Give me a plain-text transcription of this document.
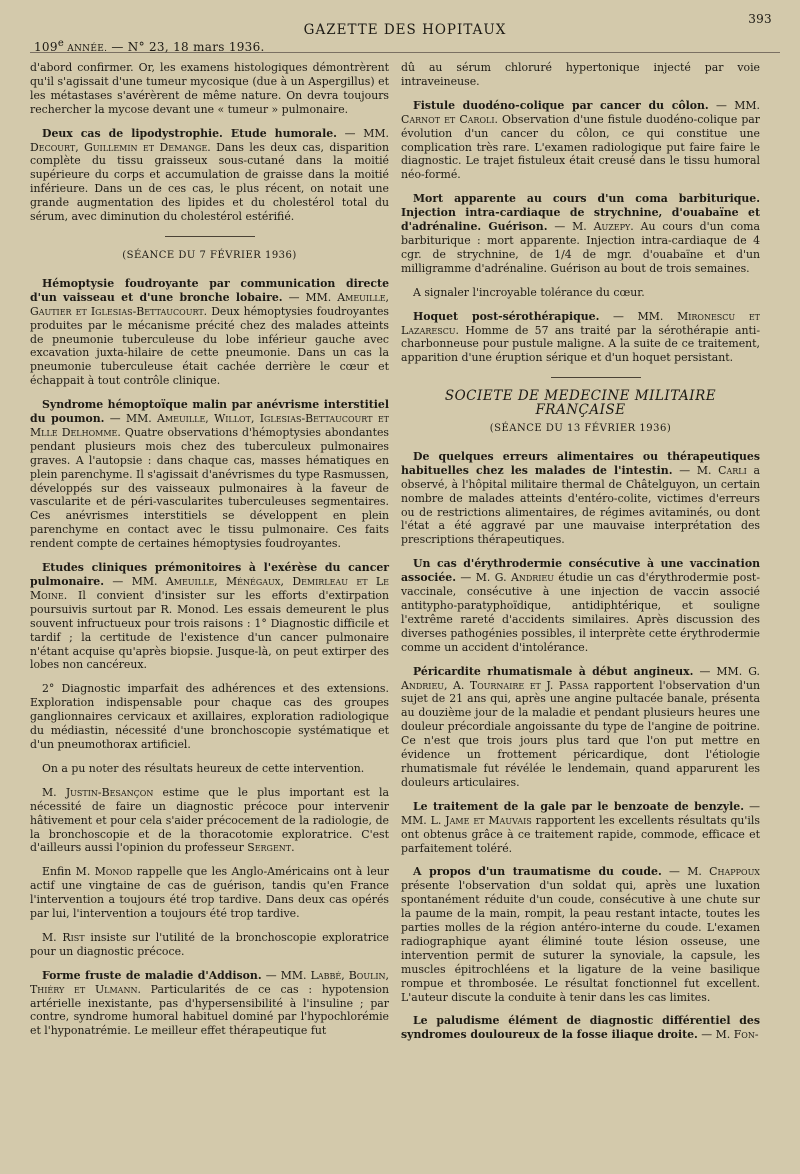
109e ANNÉE. — N° 23, 18 mars 1936.
GAZETTE DES HOPITAUX
393

d'abord confirmer. Or, les examens histologiques démontrèrent qu'il s'agissait d'une tumeur mycosique (due à un Aspergillus) et les métastases s'avérèrent de même nature. On devra toujours rechercher la mycose devant une « tumeur » pulmonaire.

Deux cas de lipodystrophie. Etude humorale. — MM. Decourt, Guillemin et Demange. Dans les deux cas, disparition complète du tissu graisseux sous-cutané dans la moitié supérieure du corps et accumulation de graisse dans la moitié inférieure. Dans un de ces cas, le plus récent, on notait une grande augmentation des lipides et du cholestérol total du sérum, avec diminution du cholestérol estérifié.

(SÉANCE DU 7 FÉVRIER 1936)

Hémoptysie foudroyante par communication directe d'un vaisseau et d'une bronche lobaire. — MM. Ameuille, Gautier et Iglesias-Bettaucourt. Deux hémoptysies foudroyantes produites par le mécanisme précité chez des malades atteints de pneumonie tuberculeuse du lobe inférieur gauche avec excavation juxta-hilaire de cette pneumonie. Dans un cas la pneumonie tuberculeuse était cachée derrière le cœur et échappait à tout contrôle clinique.

Syndrome hémoptoïque malin par anévrisme interstitiel du poumon. — MM. Ameuille, Willot, Iglesias-Bettaucourt et Mlle Delhomme. Quatre observations d'hémoptysies abondantes pendant plusieurs mois chez des tuberculeux pulmonaires graves. A l'autopsie : dans chaque cas, masses hématiques en plein parenchyme. Il s'agissait d'anévrismes du type Rasmussen, développés sur des vaisseaux pulmonaires à la faveur de vascularite et de péri-vascularites tuberculeuses segmentaires. Ces anévrismes interstitiels se développent en plein parenchyme en contact avec le tissu pulmonaire. Ces faits rendent compte de certaines hémoptysies foudroyantes.

Etudes cliniques prémonitoires à l'exérèse du cancer pulmonaire. — MM. Ameuille, Ménégaux, Demirleau et Le Moine. Il convient d'insister sur les efforts d'extirpation poursuivis surtout par R. Monod. Les essais demeurent le plus souvent infructueux pour trois raisons : 1° Diagnostic difficile et tardif ; la certitude de l'existence d'un cancer pulmonaire n'étant acquise qu'après biopsie. Jusque-là, on peut extirper des lobes non cancéreux.

2° Diagnostic imparfait des adhérences et des extensions. Exploration indispensable pour chaque cas des groupes ganglionnaires cervicaux et axillaires, exploration radiologique du médiastin, nécessité d'une bronchoscopie systématique et d'un pneumothorax artificiel.

On a pu noter des résultats heureux de cette intervention.

M. Justin-Besançon estime que le plus important est la nécessité de faire un diagnostic précoce pour intervenir hâtivement et pour cela s'aider précocement de la radiologie, de la bronchoscopie et de la thoracotomie exploratrice. C'est d'ailleurs aussi l'opinion du professeur Sergent.

Enfin M. Monod rappelle que les Anglo-Américains ont à leur actif une vingtaine de cas de guérison, tandis qu'en France l'intervention a toujours été trop tardive. Dans deux cas opérés par lui, l'intervention a toujours été trop tardive.

M. Rist insiste sur l'utilité de la bronchoscopie exploratrice pour un diagnostic précoce.

Forme fruste de maladie d'Addison. — MM. Labbé, Boulin, Thiéry et Ulmann. Particularités de ce cas : hypotension artérielle inexistante, pas d'hypersensibilité à l'insuline ; par contre, syndrome humoral habituel dominé par l'hypochlorémie et l'hyponatrémie. Le meilleur effet thérapeutique fut

dû au sérum chloruré hypertonique injecté par voie intraveineuse.

Fistule duodéno-colique par cancer du côlon. — MM. Carnot et Caroli. Observation d'une fistule duodéno-colique par évolution d'un cancer du côlon, ce qui constitue une complication très rare. L'examen radiologique put faire faire le diagnostic. Le trajet fistuleux était creusé dans le tissu humoral néo-formé.

Mort apparente au cours d'un coma barbiturique. Injection intra-cardiaque de strychnine, d'ouabaïne et d'adrénaline. Guérison. — M. Auzepy. Au cours d'un coma barbiturique : mort apparente. Injection intra-cardiaque de 4 cgr. de strychnine, de 1/4 de mgr. d'ouabaïne et d'un milligramme d'adrénaline. Guérison au bout de trois semaines.

A signaler l'incroyable tolérance du cœur.

Hoquet post-sérothérapique. — MM. Mironescu et Lazarescu. Homme de 57 ans traité par la sérothérapie anti-charbonneuse pour pustule maligne. A la suite de ce traitement, apparition d'une éruption sérique et d'un hoquet persistant.

SOCIETE DE MEDECINE MILITAIRE FRANÇAISE
(SÉANCE DU 13 FÉVRIER 1936)

De quelques erreurs alimentaires ou thérapeutiques habituelles chez les malades de l'intestin. — M. Carli a observé, à l'hôpital militaire thermal de Châtelguyon, un certain nombre de malades atteints d'entéro-colite, victimes d'erreurs ou de restrictions alimentaires, de régimes avitaminés, ou dont l'état a été aggravé par une mauvaise interprétation des prescriptions thérapeutiques.

Un cas d'érythrodermie consécutive à une vaccination associée. — M. G. Andrieu étudie un cas d'érythrodermie post-vaccinale, consécutive à une injection de vaccin associé antitypho-paratyphoïdique, antidiphtérique, et souligne l'extrême rareté d'accidents similaires. Après discussion des diverses pathogénies possibles, il interprète cette érythrodermie comme un accident d'intolérance.

Péricardite rhumatismale à début angineux. — MM. G. Andrieu, A. Tournaire et J. Passa rapportent l'observation d'un sujet de 21 ans qui, après une angine pultacée banale, présenta au douzième jour de la maladie et pendant plusieurs heures une douleur précordiale angoissante du type de l'angine de poitrine. Ce n'est que trois jours plus tard que l'on put mettre en évidence un frottement péricardique, dont l'étiologie rhumatismale fut révélée le lendemain, quand apparurent les douleurs articulaires.

Le traitement de la gale par le benzoate de benzyle. — MM. L. Jame et Mauvais rapportent les excellents résultats qu'ils ont obtenus grâce à ce traitement rapide, commode, efficace et parfaitement toléré.

A propos d'un traumatisme du coude. — M. Chappoux présente l'observation d'un soldat qui, après une luxation spontanément réduite d'un coude, consécutive à une chute sur la paume de la main, rompit, la peau restant intacte, toutes les parties molles de la région antéro-interne du coude. L'examen radiographique ayant éliminé toute lésion osseuse, une intervention permit de suturer la synoviale, la capsule, les muscles épitrochléens et la ligature de la veine basilique rompue et thrombosée. Le résultat fonctionnel fut excellent. L'auteur discute la conduite à tenir dans les cas limites.

Le paludisme élément de diagnostic différentiel des syndromes douloureux de la fosse iliaque droite. — M. Fon-
